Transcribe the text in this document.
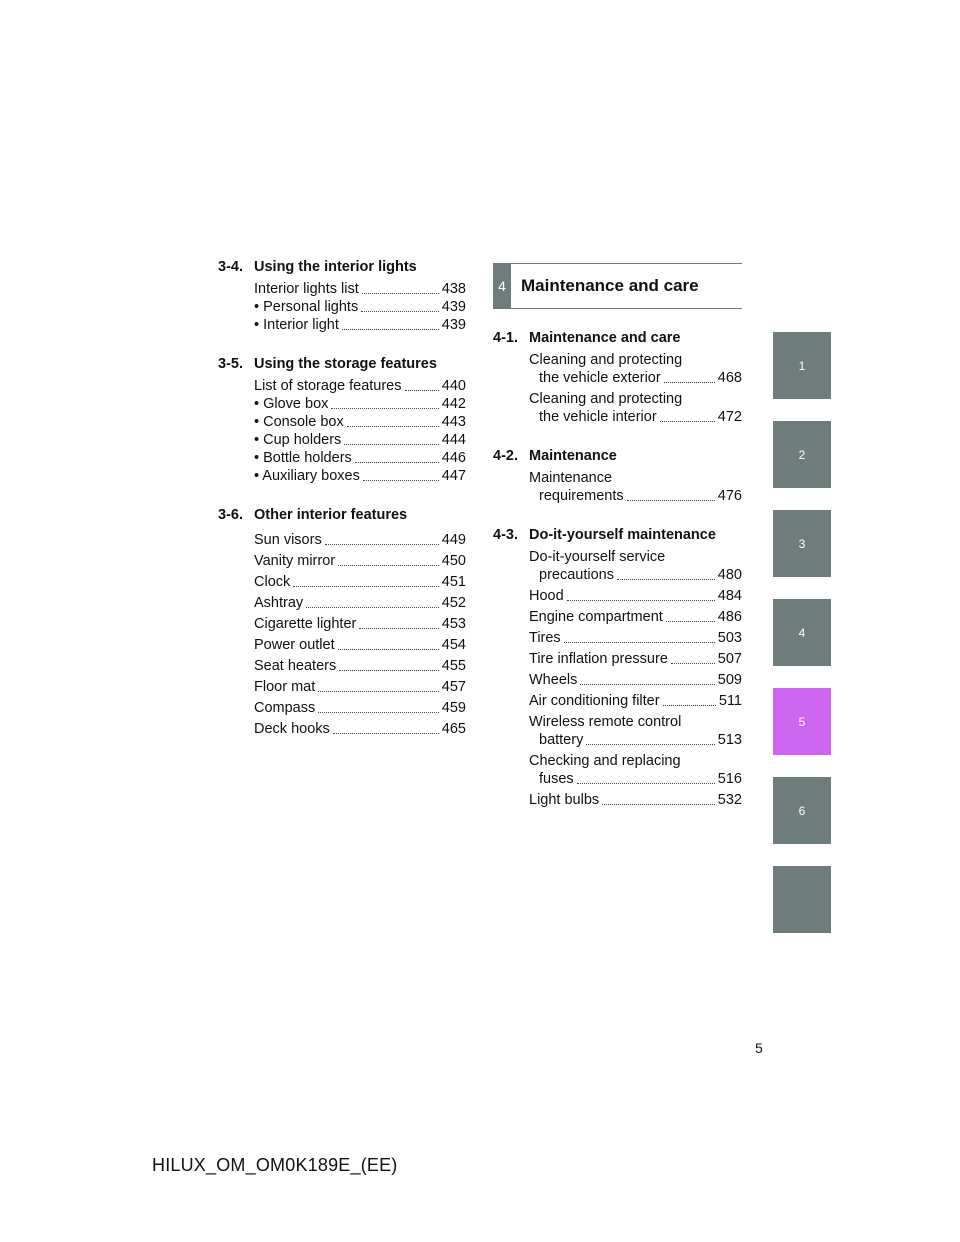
3-4. Using the interior lights
Interior lights list	438
• Personal lights	439
• Interior light	439
3-5. Using the storage features
List of storage features	440
• Glove box	442
• Console box	443
• Cup holders	444
• Bottle holders	446
• Auxiliary boxes	447
3-6. Other interior features
Sun visors	449
Vanity mirror	450
Clock	451
Ashtray	452
Cigarette lighter	453
Power outlet	454
Seat heaters	455
Floor mat	457
Compass	459
Deck hooks	465
4 Maintenance and care
4-1. Maintenance and care
Cleaning and protecting
the vehicle exterior	468
Cleaning and protecting
the vehicle interior	472
4-2. Maintenance
Maintenance
requirements	476
4-3. Do-it-yourself maintenance
Do-it-yourself service
precautions	480
Hood	484
Engine compartment	486
Tires	503
Tire inflation pressure	507
Wheels	509
Air conditioning filter	511
Wireless remote control
battery	513
Checking and replacing
fuses	516
Light bulbs	532
1
2
3
4
5
6
5
HILUX_OM_OM0K189E_(EE)
